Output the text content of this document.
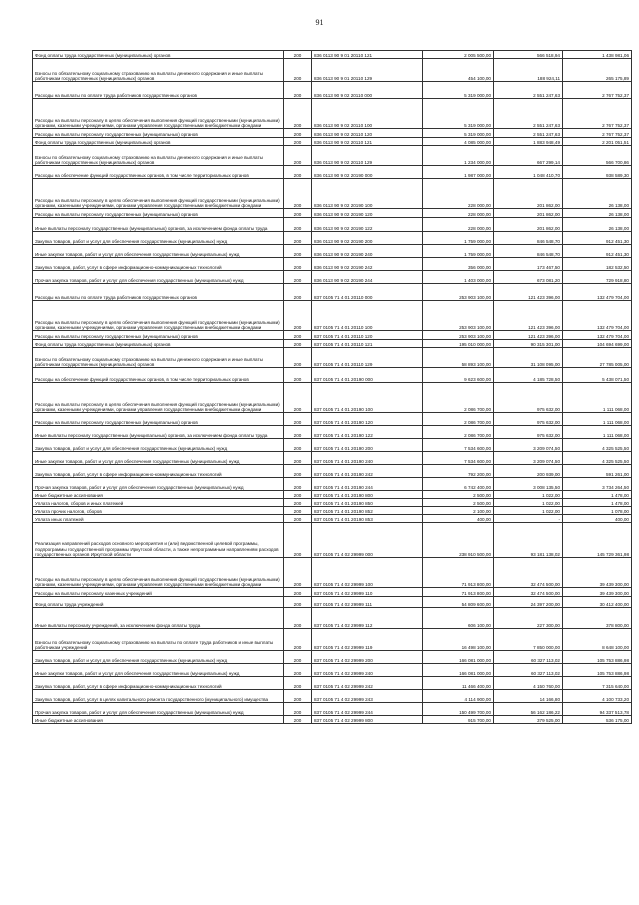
91
Фонд оплаты труда государственных (муниципальных) органов	200	836 0113 90 9 01 20110 121	2 005 500,00	566 518,94	1 438 981,06
Взносы по обязательному социальному страхованию на выплаты денежного содержания и иные выплаты работникам государственных (муниципальных) органов	200	836 0113 90 9 01 20110 129	454 100,00	188 924,11	265 175,89
Расходы на выплаты по оплате труда работников государственных органов	200	836 0113 90 9 02 20110 000	5 319 000,00	2 551 247,63	2 767 752,37
Расходы на выплаты персоналу в целях обеспечения выполнения функций государственными (муниципальными) органами, казенными учреждениями, органами управления государственными внебюджетными фондами	200	836 0113 90 9 02 20110 100	5 319 000,00	2 551 247,63	2 767 752,37
Расходы на выплаты персоналу государственных (муниципальных) органов	200	836 0113 90 9 02 20110 120	5 319 000,00	2 551 247,63	2 767 752,37
Фонд оплаты труда государственных (муниципальных) органов	200	836 0113 90 9 02 20110 121	4 085 000,00	1 883 948,49	2 201 051,51
Взносы по обязательному социальному страхованию на выплаты денежного содержания и иные выплаты работникам государственных (муниципальных) органов	200	836 0113 90 9 02 20110 129	1 234 000,00	667 299,14	566 700,86
Расходы на обеспечение функций государственных органов, в том числе территориальных органов	200	836 0113 90 9 02 20190 000	1 987 000,00	1 048 410,70	938 589,30
Расходы на выплаты персоналу в целях обеспечения выполнения функций государственными (муниципальными) органами, казенными учреждениями, органами управления государственными внебюджетными фондами	200	836 0113 90 9 02 20190 100	228 000,00	201 862,00	26 138,00
Расходы на выплаты персоналу государственных (муниципальных) органов	200	836 0113 90 9 02 20190 120	228 000,00	201 862,00	26 138,00
Иные выплаты персоналу государственных (муниципальных) органов, за исключением фонда оплаты труда	200	836 0113 90 9 02 20190 122	228 000,00	201 862,00	26 138,00
Закупка товаров, работ и услуг для обеспечения государственных (муниципальных) нужд	200	836 0113 90 9 02 20190 200	1 759 000,00	846 548,70	912 451,30
Иные закупки товаров, работ и услуг для обеспечения государственных (муниципальных) нужд	200	836 0113 90 9 02 20190 240	1 759 000,00	846 548,70	912 451,30
Закупка товаров, работ, услуг в сфере информационно-коммуникационных технологий	200	836 0113 90 9 02 20190 242	356 000,00	173 467,50	182 532,50
Прочая закупка товаров, работ и услуг для обеспечения государственных (муниципальных) нужд	200	836 0113 90 9 02 20190 244	1 403 000,00	673 081,20	729 918,80
Расходы на выплаты по оплате труда работников государственных органов	200	837 0105 71 4 01 20110 000	253 903 100,00	121 423 396,00	132 479 704,00
Расходы на выплаты персоналу в целях обеспечения выполнения функций государственными (муниципальными) органами, казенными учреждениями, органами управления государственными внебюджетными фондами	200	837 0105 71 4 01 20110 100	253 903 100,00	121 423 396,00	132 479 704,00
Расходы на выплаты персоналу государственных (муниципальных) органов	200	837 0105 71 4 01 20110 120	253 903 100,00	121 423 396,00	132 479 704,00
Фонд оплаты труда государственных (муниципальных) органов	200	837 0105 71 4 01 20110 121	195 010 000,00	90 315 301,00	104 694 699,00
Взносы по обязательному социальному страхованию на выплаты денежного содержания и иные выплаты работникам государственных (муниципальных) органов	200	837 0105 71 4 01 20110 129	58 893 100,00	31 108 095,00	27 785 005,00
Расходы на обеспечение функций государственных органов, в том числе территориальных органов	200	837 0105 71 4 01 20190 000	9 623 600,00	4 185 728,50	5 438 071,50
Расходы на выплаты персоналу в целях обеспечения выполнения функций государственными (муниципальными) органами, казенными учреждениями, органами управления государственными внебюджетными фондами	200	837 0105 71 4 01 20190 100	2 086 700,00	975 632,00	1 111 068,00
Расходы на выплаты персоналу государственных (муниципальных) органов	200	837 0105 71 4 01 20190 120	2 086 700,00	975 632,00	1 111 068,00
Иные выплаты персоналу государственных (муниципальных) органов, за исключением фонда оплаты труда	200	837 0105 71 4 01 20190 122	2 086 700,00	975 632,00	1 111 068,00
Закупка товаров, работ и услуг для обеспечения государственных (муниципальных) нужд	200	837 0105 71 4 01 20190 200	7 534 600,00	3 209 074,50	4 325 525,50
Иные закупки товаров, работ и услуг для обеспечения государственных (муниципальных) нужд	200	837 0105 71 4 01 20190 240	7 534 600,00	3 209 074,50	4 325 525,50
Закупка товаров, работ, услуг в сфере информационно-коммуникационных технологий	200	837 0105 71 4 01 20190 242	792 200,00	200 939,00	591 261,00
Прочая закупка товаров, работ и услуг для обеспечения государственных (муниципальных) нужд	200	837 0105 71 4 01 20190 244	6 742 400,00	3 008 135,50	3 734 264,50
Иные бюджетные ассигнования	200	837 0105 71 4 01 20190 800	2 500,00	1 022,00	1 478,00
Уплата налогов, сборов и иных платежей	200	837 0105 71 4 01 20190 850	2 500,00	1 022,00	1 478,00
Уплата прочих налогов, сборов	200	837 0105 71 4 01 20190 852	2 100,00	1 022,00	1 078,00
Уплата иных платежей	200	837 0105 71 4 01 20190 853	400,00	-	400,00
Реализация направлений расходов основного мероприятия и (или) ведомственной целевой программы, подпрограммы государственной программы Иркутской области, а также непрограммным направлениям расходов государственных органов Иркутской области	200	837 0105 71 4 02 29999 000	238 910 500,00	93 181 138,02	145 729 361,98
Расходы на выплаты персоналу в целях обеспечения выполнения функций государственными (муниципальными) органами, казенными учреждениями, органами управления государственными внебюджетными фондами	200	837 0105 71 4 02 29999 100	71 913 800,00	32 474 500,00	39 439 300,00
Расходы на выплаты персоналу казенных учреждений	200	837 0105 71 4 02 29999 110	71 913 800,00	32 474 500,00	39 439 300,00
Фонд оплаты труда учреждений	200	837 0105 71 4 02 29999 111	54 809 600,00	24 397 200,00	30 412 400,00
Иные выплаты персоналу учреждений, за исключением фонда оплаты труда	200	837 0105 71 4 02 29999 112	606 100,00	227 300,00	378 800,00
Взносы по обязательному социальному страхованию на выплаты по оплате труда работников и иные выплаты работникам учреждений	200	837 0105 71 4 02 29999 119	16 498 100,00	7 850 000,00	8 648 100,00
Закупка товаров, работ и услуг для обеспечения государственных (муниципальных) нужд	200	837 0105 71 4 02 29999 200	166 081 000,00	60 327 113,02	105 753 886,98
Иные закупки товаров, работ и услуг для обеспечения государственных (муниципальных) нужд	200	837 0105 71 4 02 29999 240	166 081 000,00	60 327 113,02	105 753 886,98
Закупка товаров, работ, услуг в сфере информационно-коммуникационных технологий	200	837 0105 71 4 02 29999 242	11 466 400,00	4 150 760,00	7 315 640,00
Закупка товаров, работ, услуг в целях капитального ремонта государственного (муниципального) имущества	200	837 0105 71 4 02 29999 243	4 114 900,00	14 166,80	4 100 733,20
Прочая закупка товаров, работ и услуг для обеспечения государственных (муниципальных) нужд	200	837 0105 71 4 02 29999 244	150 499 700,00	56 162 186,22	94 337 513,78
Иные бюджетные ассигнования	200	837 0105 71 4 02 29999 800	915 700,00	379 525,00	536 175,00
